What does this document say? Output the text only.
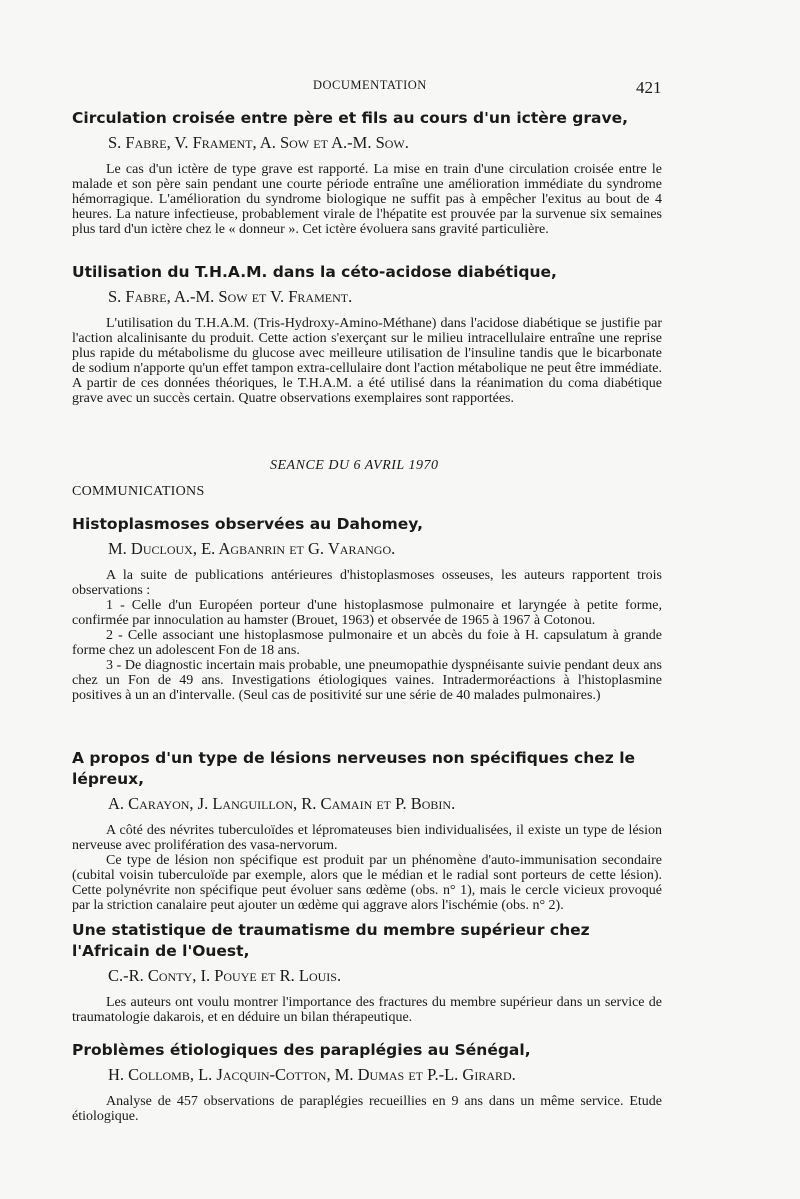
DOCUMENTATION	421
Circulation croisée entre père et fils au cours d'un ictère grave,
S. Fabre, V. Frament, A. Sow et A.-M. Sow.

Le cas d'un ictère de type grave est rapporté. La mise en train d'une circulation croisée entre le malade et son père sain pendant une courte période entraîne une amélioration immédiate du syndrome hémorragique. L'amélioration du syndrome biologique ne suffit pas à empêcher l'exitus au bout de 4 heures. La nature infectieuse, probablement virale de l'hépatite est prouvée par la survenue six semaines plus tard d'un ictère chez le « donneur ». Cet ictère évoluera sans gravité particulière.

Utilisation du T.H.A.M. dans la céto-acidose diabétique,
S. Fabre, A.-M. Sow et V. Frament.

L'utilisation du T.H.A.M. (Tris-Hydroxy-Amino-Méthane) dans l'acidose diabétique se justifie par l'action alcalinisante du produit. Cette action s'exerçant sur le milieu intracellulaire entraîne une reprise plus rapide du métabolisme du glucose avec meilleure utilisation de l'insuline tandis que le bicarbonate de sodium n'apporte qu'un effet tampon extra-cellulaire dont l'action métabolique ne peut être immédiate. A partir de ces données théoriques, le T.H.A.M. a été utilisé dans la réanimation du coma diabétique grave avec un succès certain. Quatre observations exemplaires sont rapportées.

SEANCE DU 6 AVRIL 1970
COMMUNICATIONS
Histoplasmoses observées au Dahomey,
M. Ducloux, E. Agbanrin et G. Varango.

A la suite de publications antérieures d'histoplasmoses osseuses, les auteurs rapportent trois observations :

1 - Celle d'un Européen porteur d'une histoplasmose pulmonaire et laryngée à petite forme, confirmée par innoculation au hamster (Brouet, 1963) et observée de 1965 à 1967 à Cotonou.

2 - Celle associant une histoplasmose pulmonaire et un abcès du foie à H. capsulatum à grande forme chez un adolescent Fon de 18 ans.

3 - De diagnostic incertain mais probable, une pneumopathie dyspnéisante suivie pendant deux ans chez un Fon de 49 ans. Investigations étiologiques vaines. Intradermoréactions à l'histoplasmine positives à un an d'intervalle. (Seul cas de positivité sur une série de 40 malades pulmonaires.)

A propos d'un type de lésions nerveuses non spécifiques chez le lépreux,
A. Carayon, J. Languillon, R. Camain et P. Bobin.

A côté des névrites tuberculoïdes et lépromateuses bien individualisées, il existe un type de lésion nerveuse avec prolifération des vasa-nervorum.

Ce type de lésion non spécifique est produit par un phénomène d'auto-immunisation secondaire (cubital voisin tuberculoïde par exemple, alors que le médian et le radial sont porteurs de cette lésion). Cette polynévrite non spécifique peut évoluer sans œdème (obs. n° 1), mais le cercle vicieux provoqué par la striction canalaire peut ajouter un œdème qui aggrave alors l'ischémie (obs. n° 2).

Une statistique de traumatisme du membre supérieur chez l'Africain de l'Ouest,
C.-R. Conty, I. Pouye et R. Louis.

Les auteurs ont voulu montrer l'importance des fractures du membre supérieur dans un service de traumatologie dakarois, et en déduire un bilan thérapeutique.

Problèmes étiologiques des paraplégies au Sénégal,
H. Collomb, L. Jacquin-Cotton, M. Dumas et P.-L. Girard.

Analyse de 457 observations de paraplégies recueillies en 9 ans dans un même service. Etude étiologique.
